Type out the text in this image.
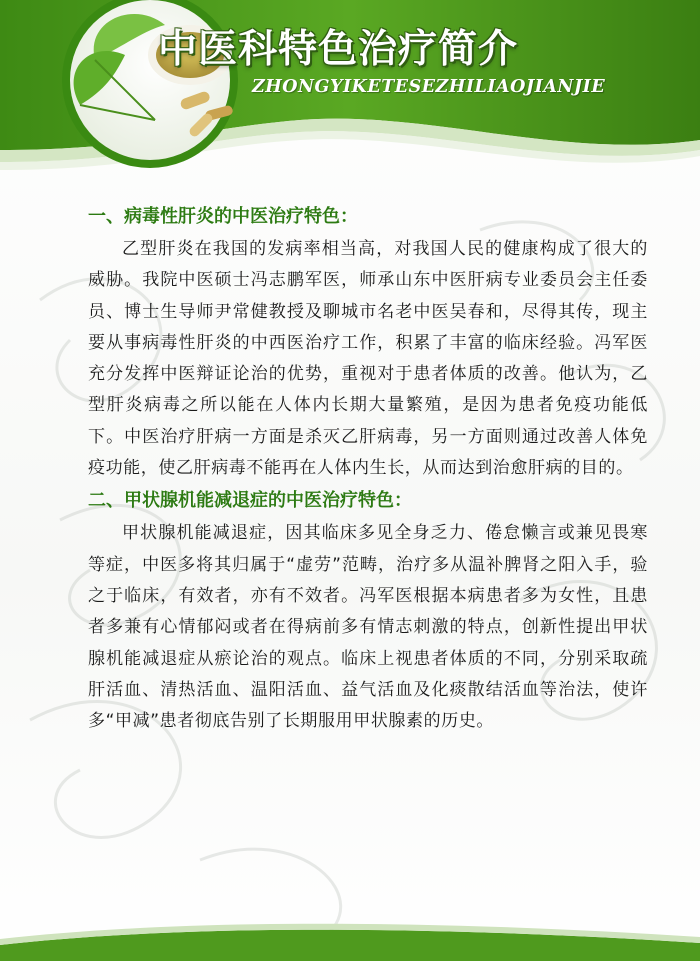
中医科特色治疗简介
ZHONGYIKETESEZHILIAOJIANJIE
一、病毒性肝炎的中医治疗特色：

乙型肝炎在我国的发病率相当高，对我国人民的健康构成了很大的威胁。我院中医硕士冯志鹏军医，师承山东中医肝病专业委员会主任委员、博士生导师尹常健教授及聊城市名老中医吴春和，尽得其传，现主要从事病毒性肝炎的中西医治疗工作，积累了丰富的临床经验。冯军医充分发挥中医辩证论治的优势，重视对于患者体质的改善。他认为，乙型肝炎病毒之所以能在人体内长期大量繁殖，是因为患者免疫功能低下。中医治疗肝病一方面是杀灭乙肝病毒，另一方面则通过改善人体免疫功能，使乙肝病毒不能再在人体内生长，从而达到治愈肝病的目的。

二、甲状腺机能减退症的中医治疗特色：

甲状腺机能减退症，因其临床多见全身乏力、倦怠懒言或兼见畏寒等症，中医多将其归属于“虚劳”范畴，治疗多从温补脾肾之阳入手，验之于临床，有效者，亦有不效者。冯军医根据本病患者多为女性，且患者多兼有心情郁闷或者在得病前多有情志刺激的特点，创新性提出甲状腺机能减退症从瘀论治的观点。临床上视患者体质的不同，分别采取疏肝活血、清热活血、温阳活血、益气活血及化痰散结活血等治法，使许多“甲减”患者彻底告别了长期服用甲状腺素的历史。
